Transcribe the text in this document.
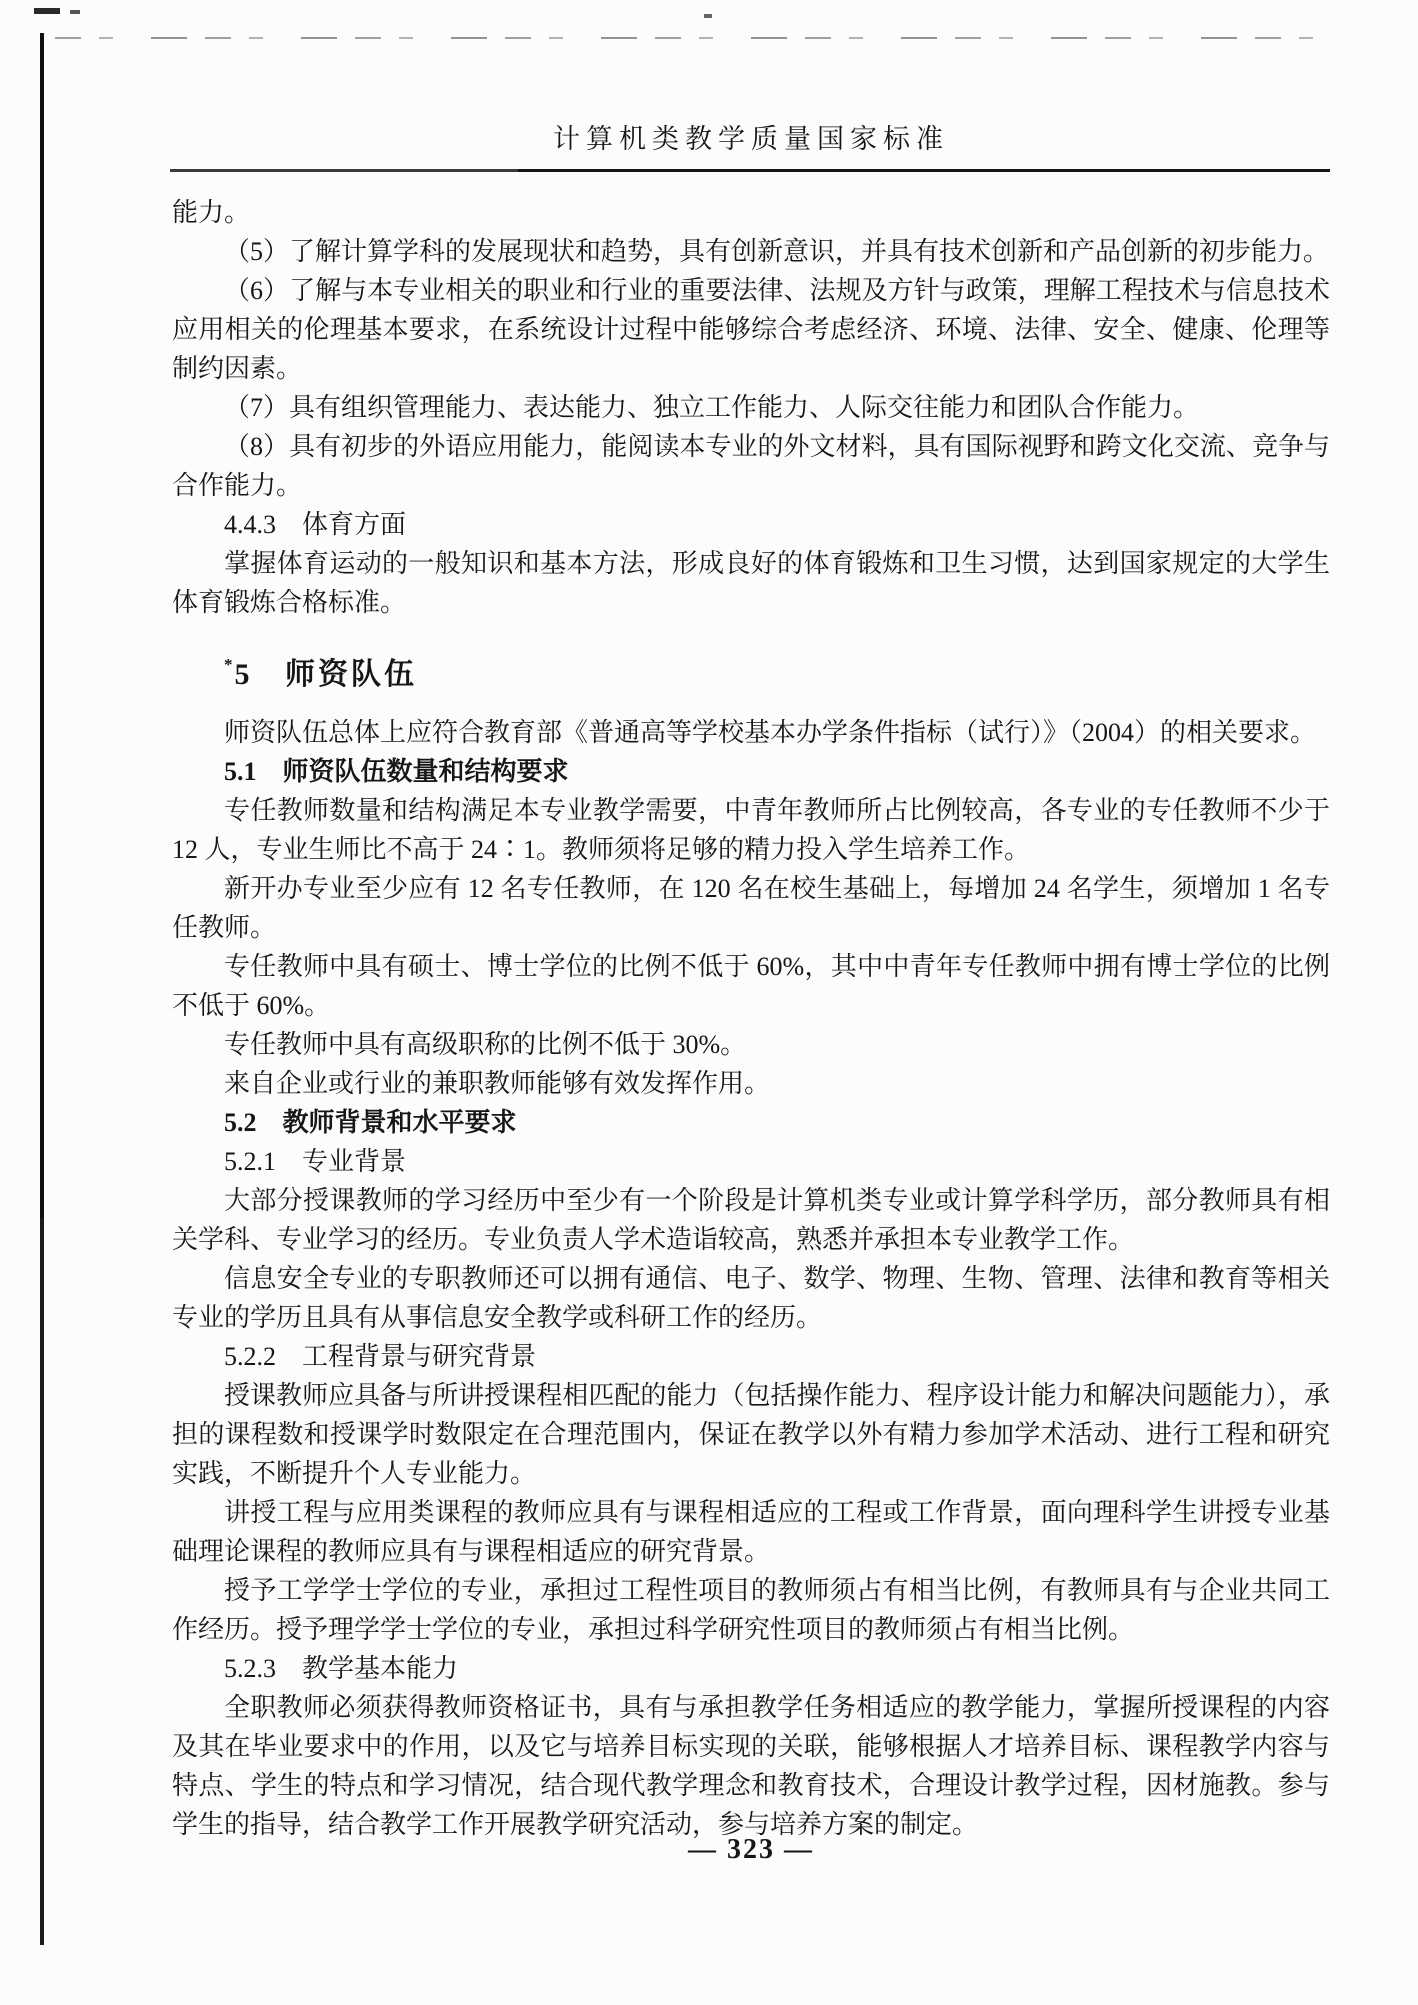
计算机类教学质量国家标准

能力。

（5）了解计算学科的发展现状和趋势，具有创新意识，并具有技术创新和产品创新的初步能力。

（6）了解与本专业相关的职业和行业的重要法律、法规及方针与政策，理解工程技术与信息技术应用相关的伦理基本要求，在系统设计过程中能够综合考虑经济、环境、法律、安全、健康、伦理等制约因素。

（7）具有组织管理能力、表达能力、独立工作能力、人际交往能力和团队合作能力。

（8）具有初步的外语应用能力，能阅读本专业的外文材料，具有国际视野和跨文化交流、竞争与合作能力。

4.4.3　体育方面

掌握体育运动的一般知识和基本方法，形成良好的体育锻炼和卫生习惯，达到国家规定的大学生体育锻炼合格标准。

*5 师资队伍

师资队伍总体上应符合教育部《普通高等学校基本办学条件指标（试行）》（2004）的相关要求。

5.1　师资队伍数量和结构要求

专任教师数量和结构满足本专业教学需要，中青年教师所占比例较高，各专业的专任教师不少于 12 人，专业生师比不高于 24∶1。教师须将足够的精力投入学生培养工作。

新开办专业至少应有 12 名专任教师，在 120 名在校生基础上，每增加 24 名学生，须增加 1 名专任教师。

专任教师中具有硕士、博士学位的比例不低于 60%，其中中青年专任教师中拥有博士学位的比例不低于 60%。

专任教师中具有高级职称的比例不低于 30%。

来自企业或行业的兼职教师能够有效发挥作用。

5.2　教师背景和水平要求

5.2.1　专业背景

大部分授课教师的学习经历中至少有一个阶段是计算机类专业或计算学科学历，部分教师具有相关学科、专业学习的经历。专业负责人学术造诣较高，熟悉并承担本专业教学工作。

信息安全专业的专职教师还可以拥有通信、电子、数学、物理、生物、管理、法律和教育等相关专业的学历且具有从事信息安全教学或科研工作的经历。

5.2.2　工程背景与研究背景

授课教师应具备与所讲授课程相匹配的能力（包括操作能力、程序设计能力和解决问题能力），承担的课程数和授课学时数限定在合理范围内，保证在教学以外有精力参加学术活动、进行工程和研究实践，不断提升个人专业能力。

讲授工程与应用类课程的教师应具有与课程相适应的工程或工作背景，面向理科学生讲授专业基础理论课程的教师应具有与课程相适应的研究背景。

授予工学学士学位的专业，承担过工程性项目的教师须占有相当比例，有教师具有与企业共同工作经历。授予理学学士学位的专业，承担过科学研究性项目的教师须占有相当比例。

5.2.3　教学基本能力

全职教师必须获得教师资格证书，具有与承担教学任务相适应的教学能力，掌握所授课程的内容及其在毕业要求中的作用，以及它与培养目标实现的关联，能够根据人才培养目标、课程教学内容与特点、学生的特点和学习情况，结合现代教学理念和教育技术，合理设计教学过程，因材施教。参与学生的指导，结合教学工作开展教学研究活动，参与培养方案的制定。

— 323 —
